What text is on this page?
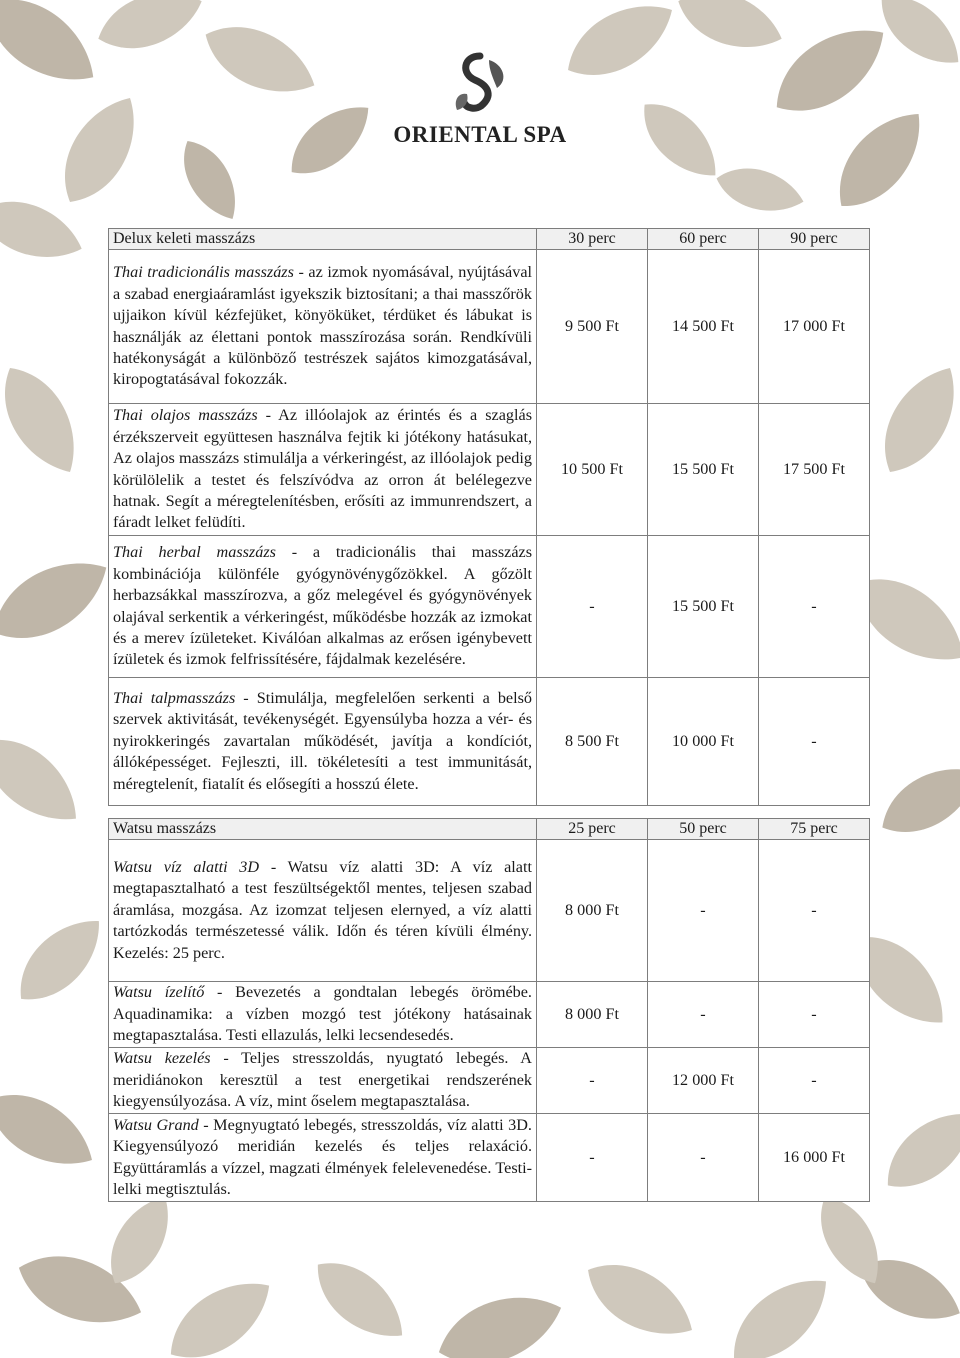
ORIENTAL SPA
Delux keleti masszázs	30 perc	60 perc	90 perc
Thai tradicionális masszázs - az izmok nyomásával, nyújtásával a szabad energiaáramlást igyekszik biztosítani; a thai masszőrök ujjaikon kívül kézfejüket, könyöküket, térdüket és lábukat is használják az élettani pontok masszírozása során. Rendkívüli hatékonyságát a különböző testrészek sajátos kimozgatásával, kiropogtatásával fokozzák.	9 500 Ft	14 500 Ft	17 000 Ft
Thai olajos masszázs - Az illóolajok az érintés és a szaglás érzékszerveit együttesen használva fejtik ki jótékony hatásukat, Az olajos masszázs stimulálja a vérkeringést, az illóolajok pedig körülölelik a testet és felszívódva az orron át belélegezve hatnak. Segít a méregtelenítésben, erősíti az immunrendszert, a fáradt lelket felüdíti.	10 500 Ft	15 500 Ft	17 500 Ft
Thai herbal masszázs - a tradicionális thai masszázs kombinációja különféle gyógynövénygőzökkel. A gőzölt herbazsákkal masszírozva, a gőz melegével és gyógynövények olajával serkentik a vérkeringést, működésbe hozzák az izmokat és a merev ízületeket. Kiválóan alkalmas az erősen igénybevett ízületek és izmok felfrissítésére, fájdalmak kezelésére.	-	15 500 Ft	-
Thai talpmasszázs - Stimulálja, megfelelően serkenti a belső szervek aktivitását, tevékenységét. Egyensúlyba hozza a vér- és nyirokkeringés zavartalan működését, javítja a kondíciót, állóképességet. Fejleszti, ill. tökéletesíti a test immunitását, méregtelenít, fiatalít és elősegíti a hosszú élete.	8 500 Ft	10 000 Ft	-
Watsu masszázs	25 perc	50 perc	75 perc
Watsu víz alatti 3D - Watsu víz alatti 3D: A víz alatt megtapasztalható a test feszültségektől mentes, teljesen szabad áramlása, mozgása. Az izomzat teljesen elernyed, a víz alatti tartózkodás természetessé válik. Időn és téren kívüli élmény. Kezelés: 25 perc.	8 000 Ft	-	-
Watsu ízelítő - Bevezetés a gondtalan lebegés örömébe. Aquadinamika: a vízben mozgó test jótékony hatásainak megtapasztalása. Testi ellazulás, lelki lecsendesedés.	8 000 Ft	-	-
Watsu kezelés - Teljes stresszoldás, nyugtató lebegés. A meridiánokon keresztül a test energetikai rendszerének kiegyensúlyozása. A víz, mint őselem megtapasztalása.	-	12 000 Ft	-
Watsu Grand - Megnyugtató lebegés, stresszoldás, víz alatti 3D. Kiegyensúlyozó meridián kezelés és teljes relaxáció. Együttáramlás a vízzel, magzati élmények felelevenedése. Testi-lelki megtisztulás.	-	-	16 000 Ft
